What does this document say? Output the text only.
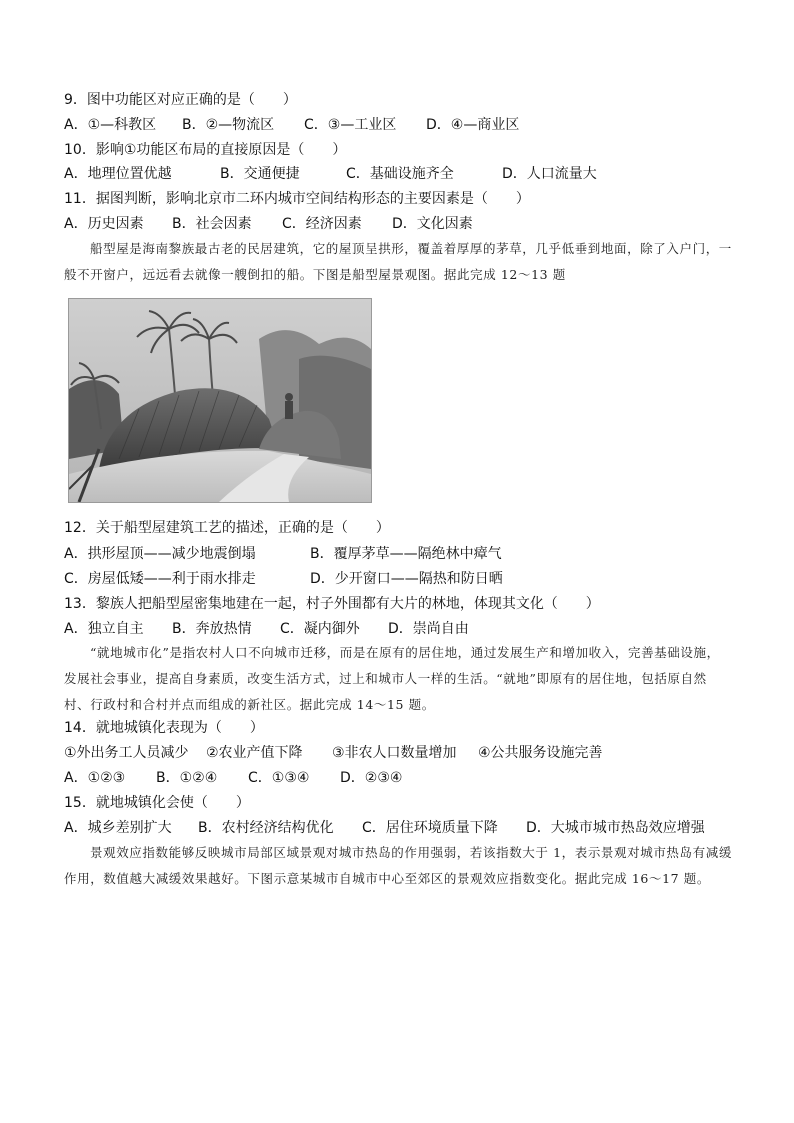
9．图中功能区对应正确的是（　　）
A．①—科教区 B．②—物流区 C．③—工业区 D．④—商业区
10．影响①功能区布局的直接原因是（　　）
A．地理位置优越	B．交通便捷	C．基础设施齐全	D．人口流量大
11．据图判断，影响北京市二环内城市空间结构形态的主要因素是（　　）
A．历史因素 B．社会因素 C．经济因素 D．文化因素
船型屋是海南黎族最古老的民居建筑，它的屋顶呈拱形，覆盖着厚厚的茅草，几乎低垂到地面，除了入户门，一般不开窗户，远远看去就像一艘倒扣的船。下图是船型屋景观图。据此完成 12～13 题
12．关于船型屋建筑工艺的描述，正确的是（　　）
A．拱形屋顶——减少地震倒塌	B．覆厚茅草——隔绝林中瘴气
C．房屋低矮——利于雨水排走	D．少开窗口——隔热和防日晒
13．黎族人把船型屋密集地建在一起，村子外围都有大片的林地，体现其文化（　　）
A．独立自主 B．奔放热情 C．凝内御外 D．崇尚自由
“就地城市化”是指农村人口不向城市迁移，而是在原有的居住地，通过发展生产和增加收入，完善基础设施，发展社会事业，提高自身素质，改变生活方式，过上和城市人一样的生活。“就地”即原有的居住地，包括原自然村、行政村和合村并点而组成的新社区。据此完成 14～15 题。
14．就地城镇化表现为（　　）
①外出务工人员减少 ②农业产值下降 ③非农人口数量增加 ④公共服务设施完善
A．①②③ B．①②④ C．①③④ D．②③④
15．就地城镇化会使（　　）
A．城乡差别扩大 B．农村经济结构优化 C．居住环境质量下降 D．大城市城市热岛效应增强
景观效应指数能够反映城市局部区域景观对城市热岛的作用强弱，若该指数大于 1，表示景观对城市热岛有减缓作用，数值越大减缓效果越好。下图示意某城市自城市中心至郊区的景观效应指数变化。据此完成 16～17 题。
